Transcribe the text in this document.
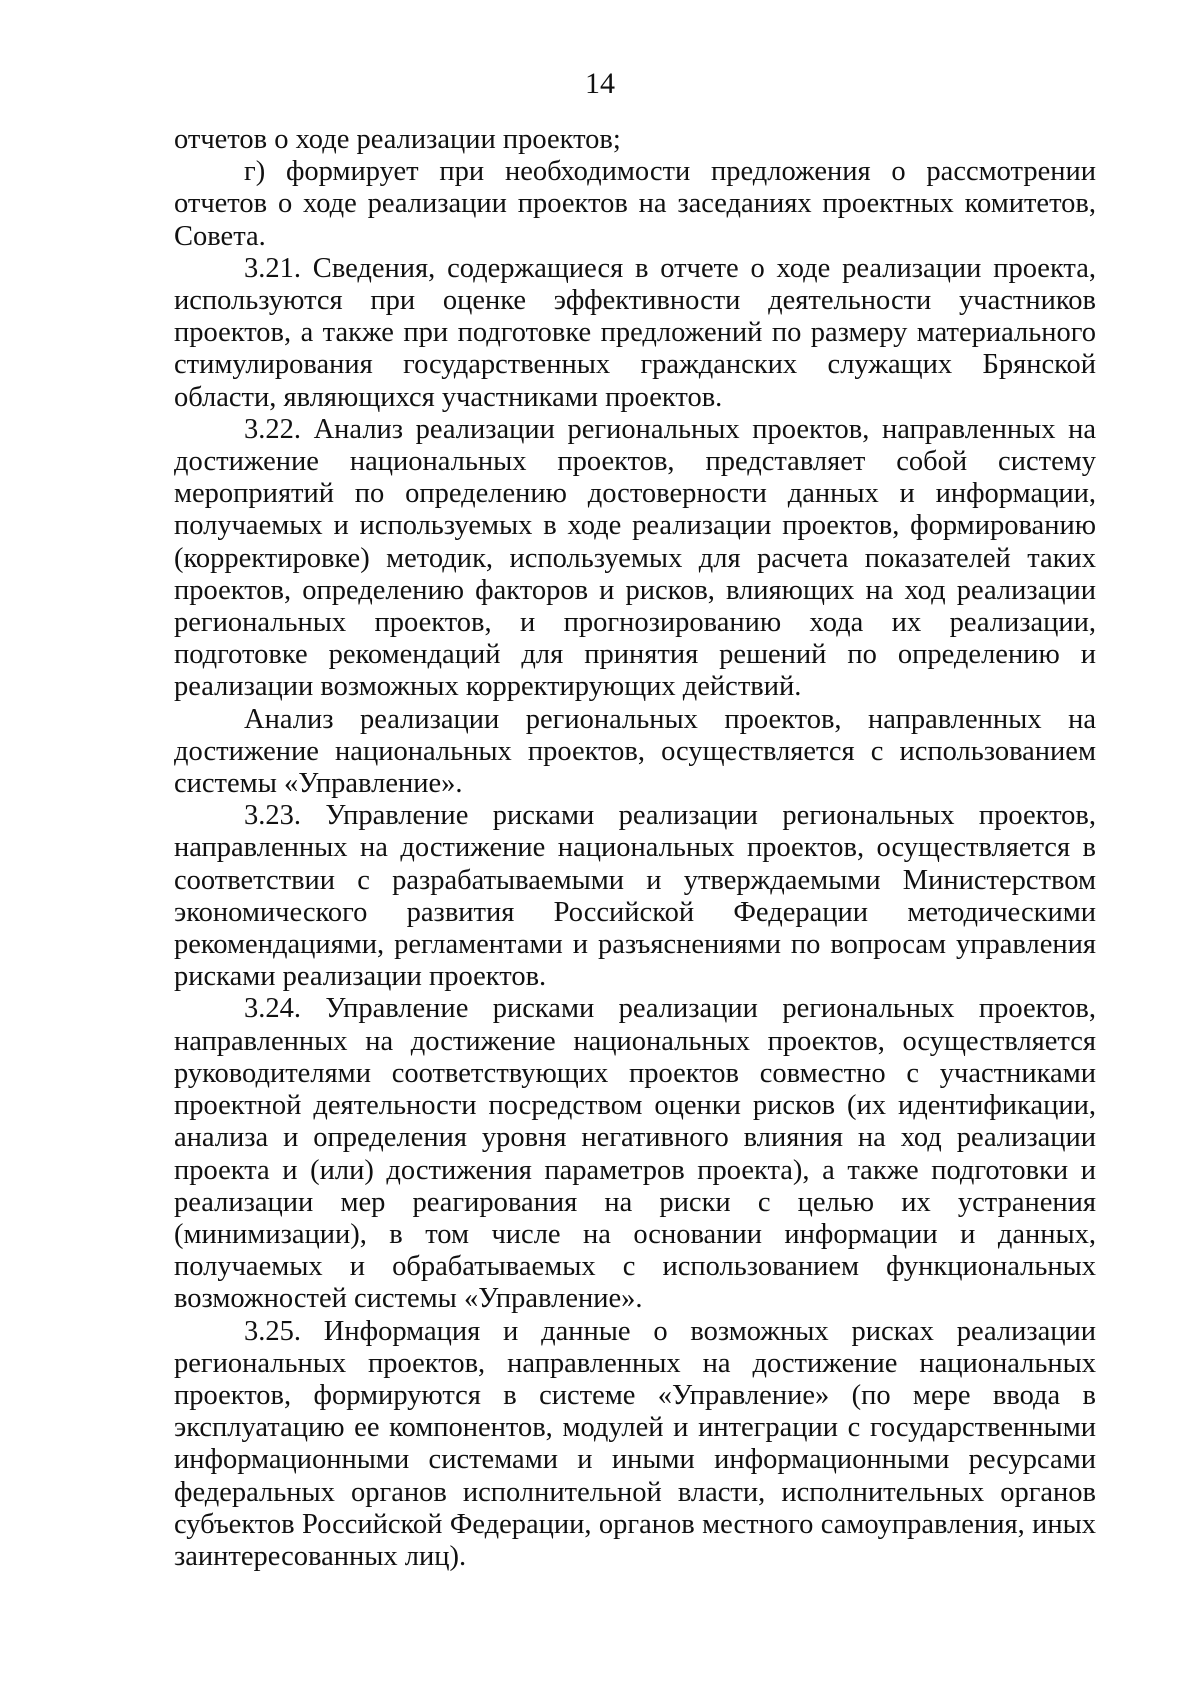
14

отчетов о ходе реализации проектов;

г) формирует при необходимости предложения о рассмотрении отчетов о ходе реализации проектов на заседаниях проектных комитетов, Совета.

3.21. Сведения, содержащиеся в отчете о ходе реализации проекта, используются при оценке эффективности деятельности участников проектов, а также при подготовке предложений по размеру материального стимулирования государственных гражданских служащих Брянской области, являющихся участниками проектов.

3.22. Анализ реализации региональных проектов, направленных на достижение национальных проектов, представляет собой систему мероприятий по определению достоверности данных и информации, получаемых и используемых в ходе реализации проектов, формированию (корректировке) методик, используемых для расчета показателей таких проектов, определению факторов и рисков, влияющих на ход реализации региональных проектов, и прогнозированию хода их реализации, подготовке рекомендаций для принятия решений по определению и реализации возможных корректирующих действий.

Анализ реализации региональных проектов, направленных на достижение национальных проектов, осуществляется с использованием системы «Управление».

3.23. Управление рисками реализации региональных проектов, направленных на достижение национальных проектов, осуществляется в соответствии с разрабатываемыми и утверждаемыми Министерством экономического развития Российской Федерации методическими рекомендациями, регламентами и разъяснениями по вопросам управления рисками реализации проектов.

3.24. Управление рисками реализации региональных проектов, направленных на достижение национальных проектов, осуществляется руководителями соответствующих проектов совместно с участниками проектной деятельности посредством оценки рисков (их идентификации, анализа и определения уровня негативного влияния на ход реализации проекта и (или) достижения параметров проекта), а также подготовки и реализации мер реагирования на риски с целью их устранения (минимизации), в том числе на основании информации и данных, получаемых и обрабатываемых с использованием функциональных возможностей системы «Управление».

3.25. Информация и данные о возможных рисках реализации региональных проектов, направленных на достижение национальных проектов, формируются в системе «Управление» (по мере ввода в эксплуатацию ее компонентов, модулей и интеграции с государственными информационными системами и иными информационными ресурсами федеральных органов исполнительной власти, исполнительных органов субъектов Российской Федерации, органов местного самоуправления, иных заинтересованных лиц).
